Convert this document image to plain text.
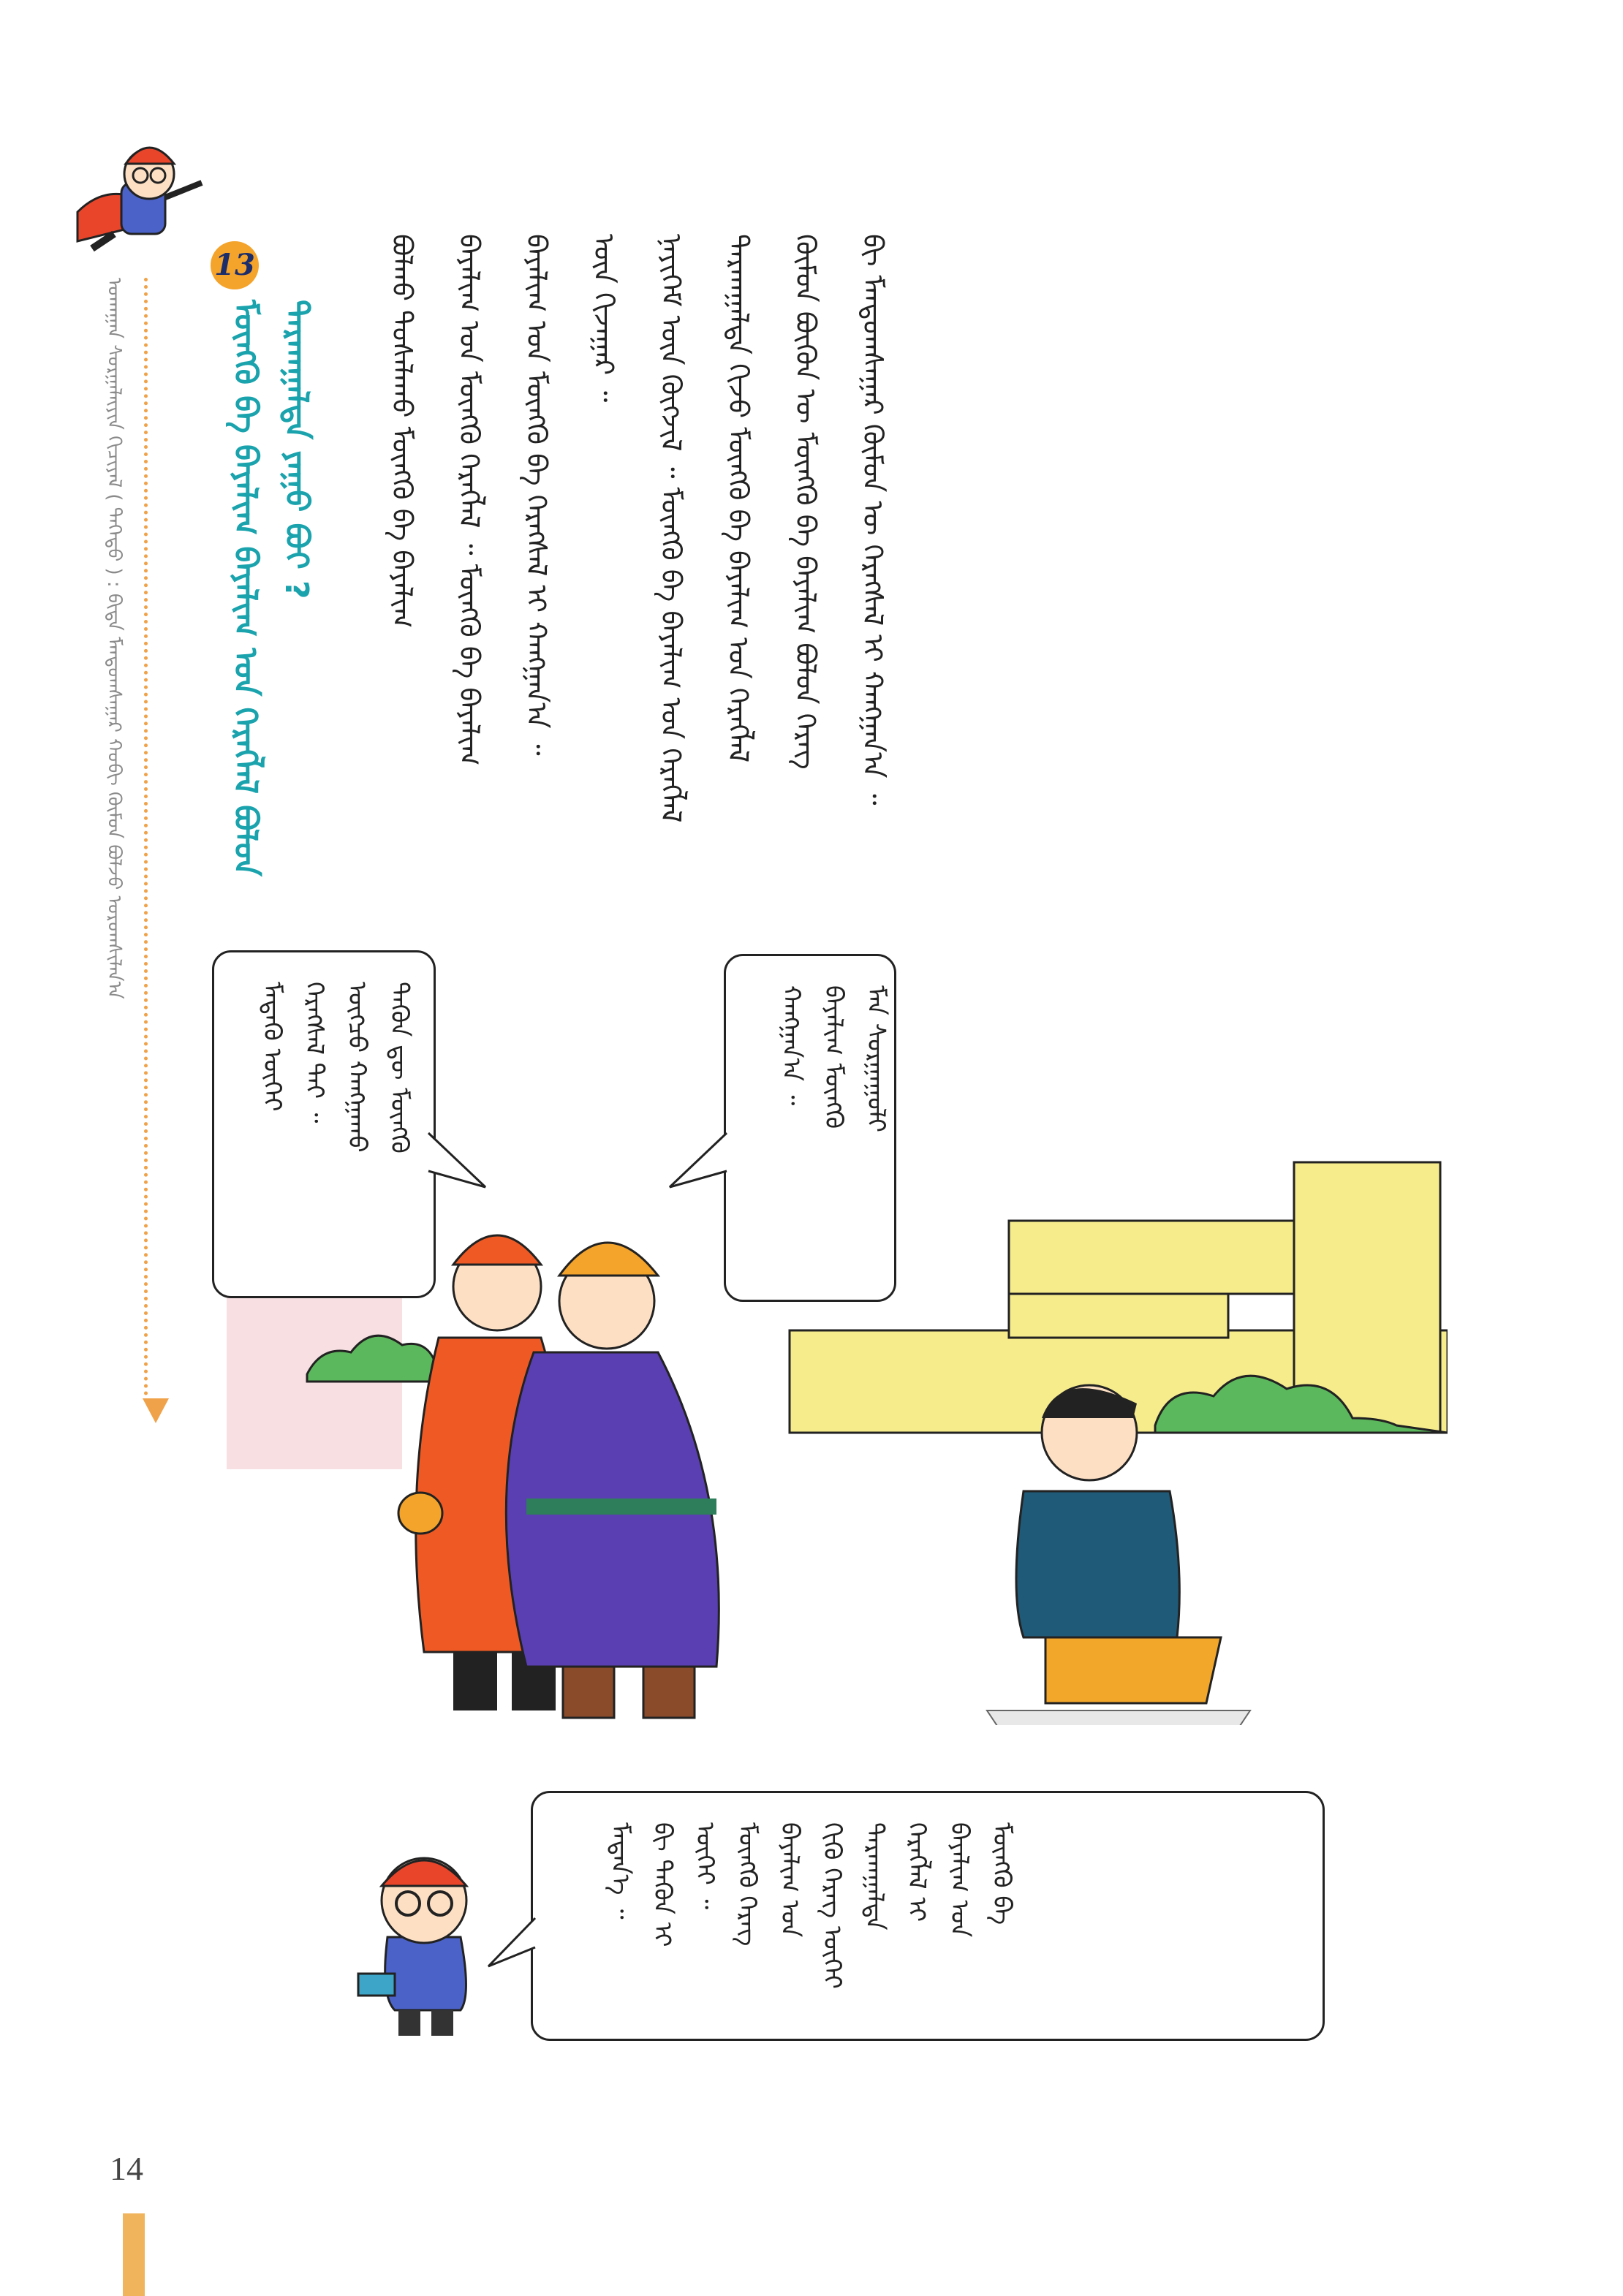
ᠤᠬᠠᠭᠠᠨ ᠰᠤᠷᠭᠠᠯᠢ᠋ᠶᠢᠨ ᠬᠢᠴᠢᠶᠡᠯ ( ᠳᠡᠭᠡᠳᠦ ) : ᠪᠢᠳᠡ ᠮᠠᠨᠳᠤᠭᠰᠠᠭᠠᠷ ᠬᠤᠪᠢ ᠬᠦᠮᠦᠨ ᠪᠣᠯᠵᠤ ᠤᠷᠤᠭᠰᠢᠯᠠᠨ᠎ᠠ
13
ᠮᠦᠩᠭᠦ ᠪᠠ ᠪᠠᠶᠠᠯᠢᠭ ᠪᠠᠶᠠᠯᠢᠭ ᠤᠨ ᠬᠡᠷᠡᠭᠯᠡᠯ ᠪᠣᠯᠤᠨ ᠲᠠᠷᠬᠠᠭᠠᠯᠲᠠ ᠶᠠᠭᠤ ᠪᠤᠢ ?	ᠪᠢ ᠮᠠᠨᠳᠤᠭᠰᠠᠭᠠᠷ ᠬᠦᠮᠦᠨ ᠦ ᠬᠡᠷᠡᠭᠰᠡᠯ ᠢ ᠬᠠᠩᠭᠠᠨ᠎ᠠ ᠃
ᠬᠦᠮᠦᠨ ᠪᠦᠬᠦᠨ ᠦ ᠮᠦᠩᠭᠦ ᠪᠠ ᠪᠠᠶᠠᠯᠢᠭ ᠪᠣᠯᠤᠨ ᠬᠡᠷᠡᠭ
ᠲᠠᠷᠬᠠᠭᠠᠯᠲᠠ ᠬᠢᠵᠦ ᠮᠦᠩᠭᠦ ᠪᠠ ᠪᠠᠶᠠᠯᠢᠭ ᠤᠨ ᠬᠡᠷᠡᠭᠯᠡᠯ
ᠨᠡᠶᠢᠭᠡᠮ ᠦᠨ ᠬᠥᠭᠵᠢᠯ ᠃ ᠮᠦᠩᠭᠦ ᠪᠠ ᠪᠠᠶᠠᠯᠢᠭ ᠤᠨ ᠬᠡᠷᠡᠭᠯᠡᠯ
ᠦᠨ ᠬᠢᠵᠠᠭᠠᠷ ᠃
ᠪᠠᠶᠠᠯᠢᠭ ᠤᠨ ᠮᠦᠩᠭᠦ ᠪᠠ ᠬᠡᠷᠡᠭᠰᠡᠯ ᠢ ᠬᠠᠩᠭᠠᠨ᠎ᠠ ᠃
ᠪᠠᠶᠠᠯᠢᠭ ᠤᠨ ᠮᠦᠩᠭᠦ ᠬᠡᠷᠡᠭᠯᠡᠯ ᠃ ᠮᠦᠩᠭᠦ ᠪᠠ ᠪᠠᠶᠠᠯᠢᠭ
ᠪᠣᠯᠬᠤ ᠲᠤᠰᠠᠯᠠᠬᠤ ᠮᠦᠩᠭᠦ ᠪᠠ ᠪᠠᠶᠠᠯᠢᠭ
ᠮᠠᠨ ᠰᠤᠷᠭᠠᠭᠤᠯᠢ
ᠪᠠᠶᠠᠯᠢᠭ ᠮᠦᠩᠭᠦ
ᠬᠠᠩᠭᠠᠨ᠎ᠠ ᠃
ᠲᠡᠭᠦᠨ ᠳᠦ ᠮᠦᠩᠭᠦ
ᠥᠭᠴᠦ ᠬᠠᠩᠭᠠᠬᠤ
ᠬᠡᠷᠡᠭᠰᠡᠯ ᠲᠡᠢ ᠃
ᠮᠡᠳᠡᠬᠦ ᠦᠭᠡᠢ
ᠮᠦᠩᠭᠦ ᠪᠠ
ᠪᠠᠶᠠᠯᠢᠭ ᠤᠨ
ᠬᠡᠷᠡᠭᠯᠡᠯ ᠢ
ᠲᠠᠷᠬᠠᠭᠠᠯᠲᠠ
ᠬᠢᠬᠦ ᠬᠡᠷᠡᠭ ᠦᠭᠡᠢ
ᠪᠠᠶᠠᠯᠢᠭ ᠤᠨ
ᠮᠦᠩᠭᠦ ᠬᠡᠷᠡᠭ
ᠦᠭᠡᠢ ᠃
ᠪᠢ ᠲᠡᠭᠦᠨ ᠢ
ᠮᠡᠳᠡᠨ᠎ᠡ ᠃
14
